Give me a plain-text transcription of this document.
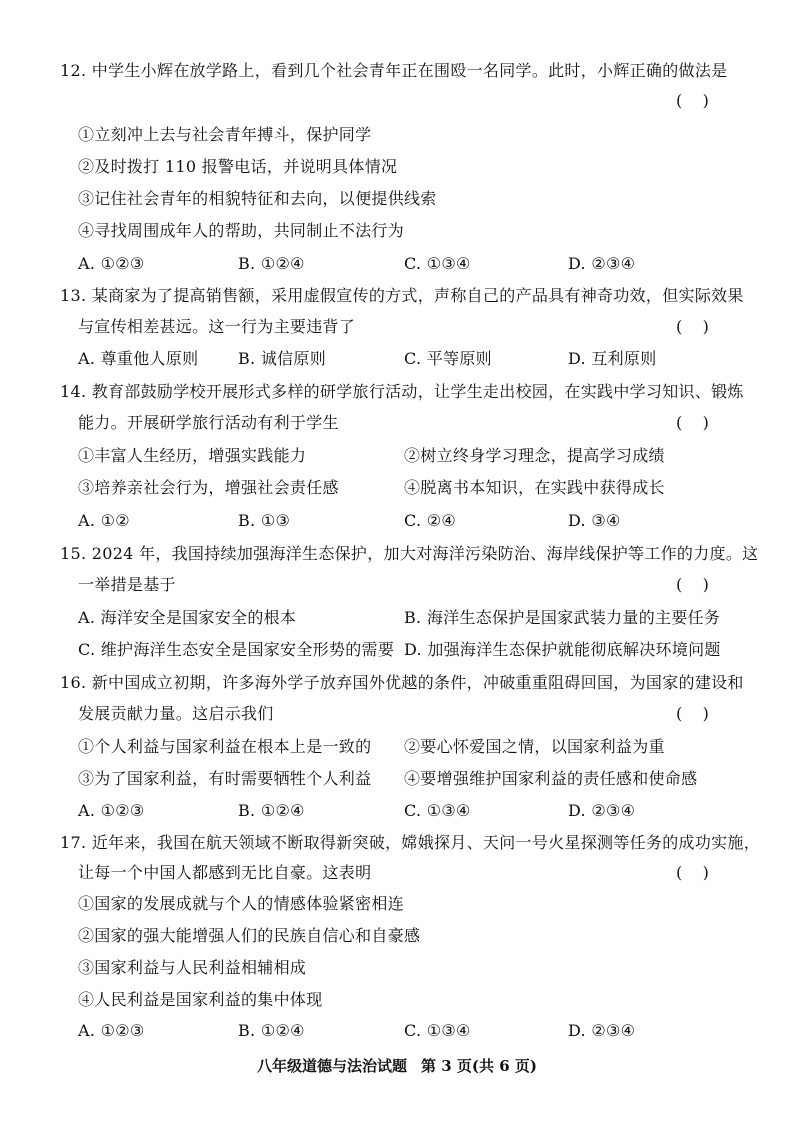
12. 中学生小辉在放学路上，看到几个社会青年正在围殴一名同学。此时，小辉正确的做法是
(    )
①立刻冲上去与社会青年搏斗，保护同学
②及时拨打 110 报警电话，并说明具体情况
③记住社会青年的相貌特征和去向，以便提供线索
④寻找周围成年人的帮助，共同制止不法行为
A. ①②③	B. ①②④	C. ①③④	D. ②③④
13. 某商家为了提高销售额，采用虚假宣传的方式，声称自己的产品具有神奇功效，但实际效果
与宣传相差甚远。这一行为主要违背了	(    )
A. 尊重他人原则 B. 诚信原则	C. 平等原则	D. 互利原则
14. 教育部鼓励学校开展形式多样的研学旅行活动，让学生走出校园，在实践中学习知识、锻炼
能力。开展研学旅行活动有利于学生	(    )
①丰富人生经历，增强实践能力	②树立终身学习理念，提高学习成绩
③培养亲社会行为，增强社会责任感	④脱离书本知识，在实践中获得成长
A. ①②	B. ①③	C. ②④	D. ③④
15. 2024 年，我国持续加强海洋生态保护，加大对海洋污染防治、海岸线保护等工作的力度。这
一举措是基于	(    )
A. 海洋安全是国家安全的根本	B. 海洋生态保护是国家武装力量的主要任务
C. 维护海洋生态安全是国家安全形势的需要 D. 加强海洋生态保护就能彻底解决环境问题
16. 新中国成立初期，许多海外学子放弃国外优越的条件，冲破重重阻碍回国，为国家的建设和
发展贡献力量。这启示我们	(    )
①个人利益与国家利益在根本上是一致的 ②要心怀爱国之情，以国家利益为重
③为了国家利益，有时需要牺牲个人利益 ④要增强维护国家利益的责任感和使命感
A. ①②③	B. ①②④	C. ①③④	D. ②③④
17. 近年来，我国在航天领域不断取得新突破，嫦娥探月、天问一号火星探测等任务的成功实施，
让每一个中国人都感到无比自豪。这表明	(    )
①国家的发展成就与个人的情感体验紧密相连
②国家的强大能增强人们的民族自信心和自豪感
③国家利益与人民利益相辅相成
④人民利益是国家利益的集中体现
A. ①②③	B. ①②④	C. ①③④	D. ②③④
八年级道德与法治试题 第 3 页(共 6 页)
